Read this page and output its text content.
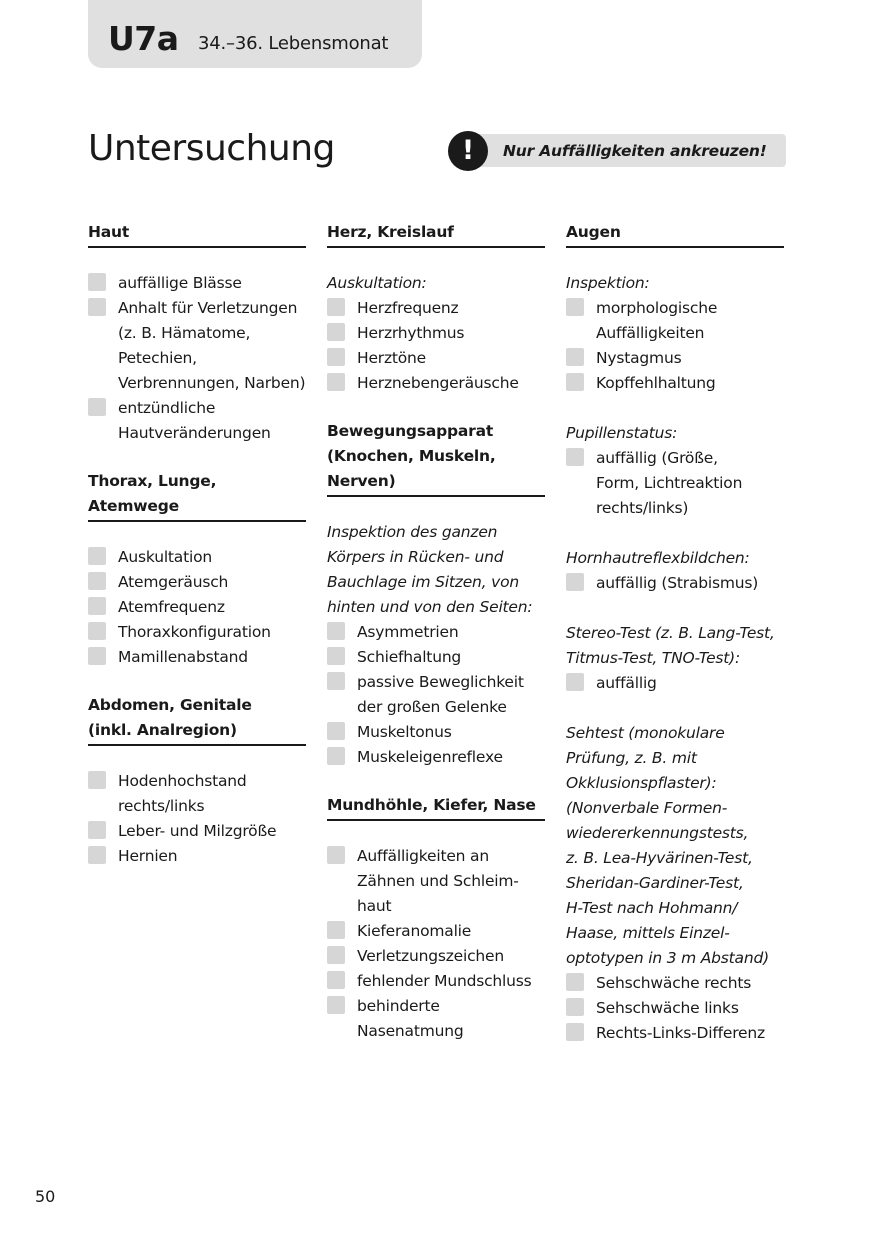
U7a 34.–36. Lebensmonat
Untersuchung	!	Nur Auffälligkeiten ankreuzen!
Haut
auffällige Blässe
Anhalt für Verletzungen
(z. B. Hämatome,
Petechien,
Verbrennungen, Narben)
entzündliche
Hautveränderungen
Thorax, Lunge, Atemwege
Auskultation
Atemgeräusch
Atemfrequenz
Thoraxkonfiguration
Mamillenabstand
Abdomen, Genitale
(inkl. Analregion)
Hodenhochstand
rechts/links
Leber- und Milzgröße
Hernien
Herz, Kreislauf
Auskultation:
Herzfrequenz
Herzrhythmus
Herztöne
Herznebengeräusche
Bewegungsapparat
(Knochen, Muskeln, Nerven)
Inspektion des ganzen
Körpers in Rücken- und
Bauchlage im Sitzen, von
hinten und von den Seiten:
Asymmetrien
Schiefhaltung
passive Beweglichkeit
der großen Gelenke
Muskeltonus
Muskeleigenreflexe
Mundhöhle, Kiefer, Nase
Auffälligkeiten an
Zähnen und Schleim-
haut
Kieferanomalie
Verletzungszeichen
fehlender Mundschluss
behinderte
Nasenatmung
Augen
Inspektion:
morphologische
Auffälligkeiten
Nystagmus
Kopffehlhaltung
Pupillenstatus:
auffällig (Größe,
Form, Lichtreaktion
rechts/links)
Hornhautreflexbildchen:
auffällig (Strabismus)
Stereo-Test (z. B. Lang-Test,
Titmus-Test, TNO-Test):
auffällig
Sehtest (monokulare
Prüfung, z. B. mit
Okklusionspflaster):
(Nonverbale Formen-
wiedererkennungstests,
z. B. Lea-Hyvärinen-Test,
Sheridan-Gardiner-Test,
H-Test nach Hohmann/
Haase, mittels Einzel-
optotypen in 3 m Abstand)
Sehschwäche rechts
Sehschwäche links
Rechts-Links-Differenz
50
